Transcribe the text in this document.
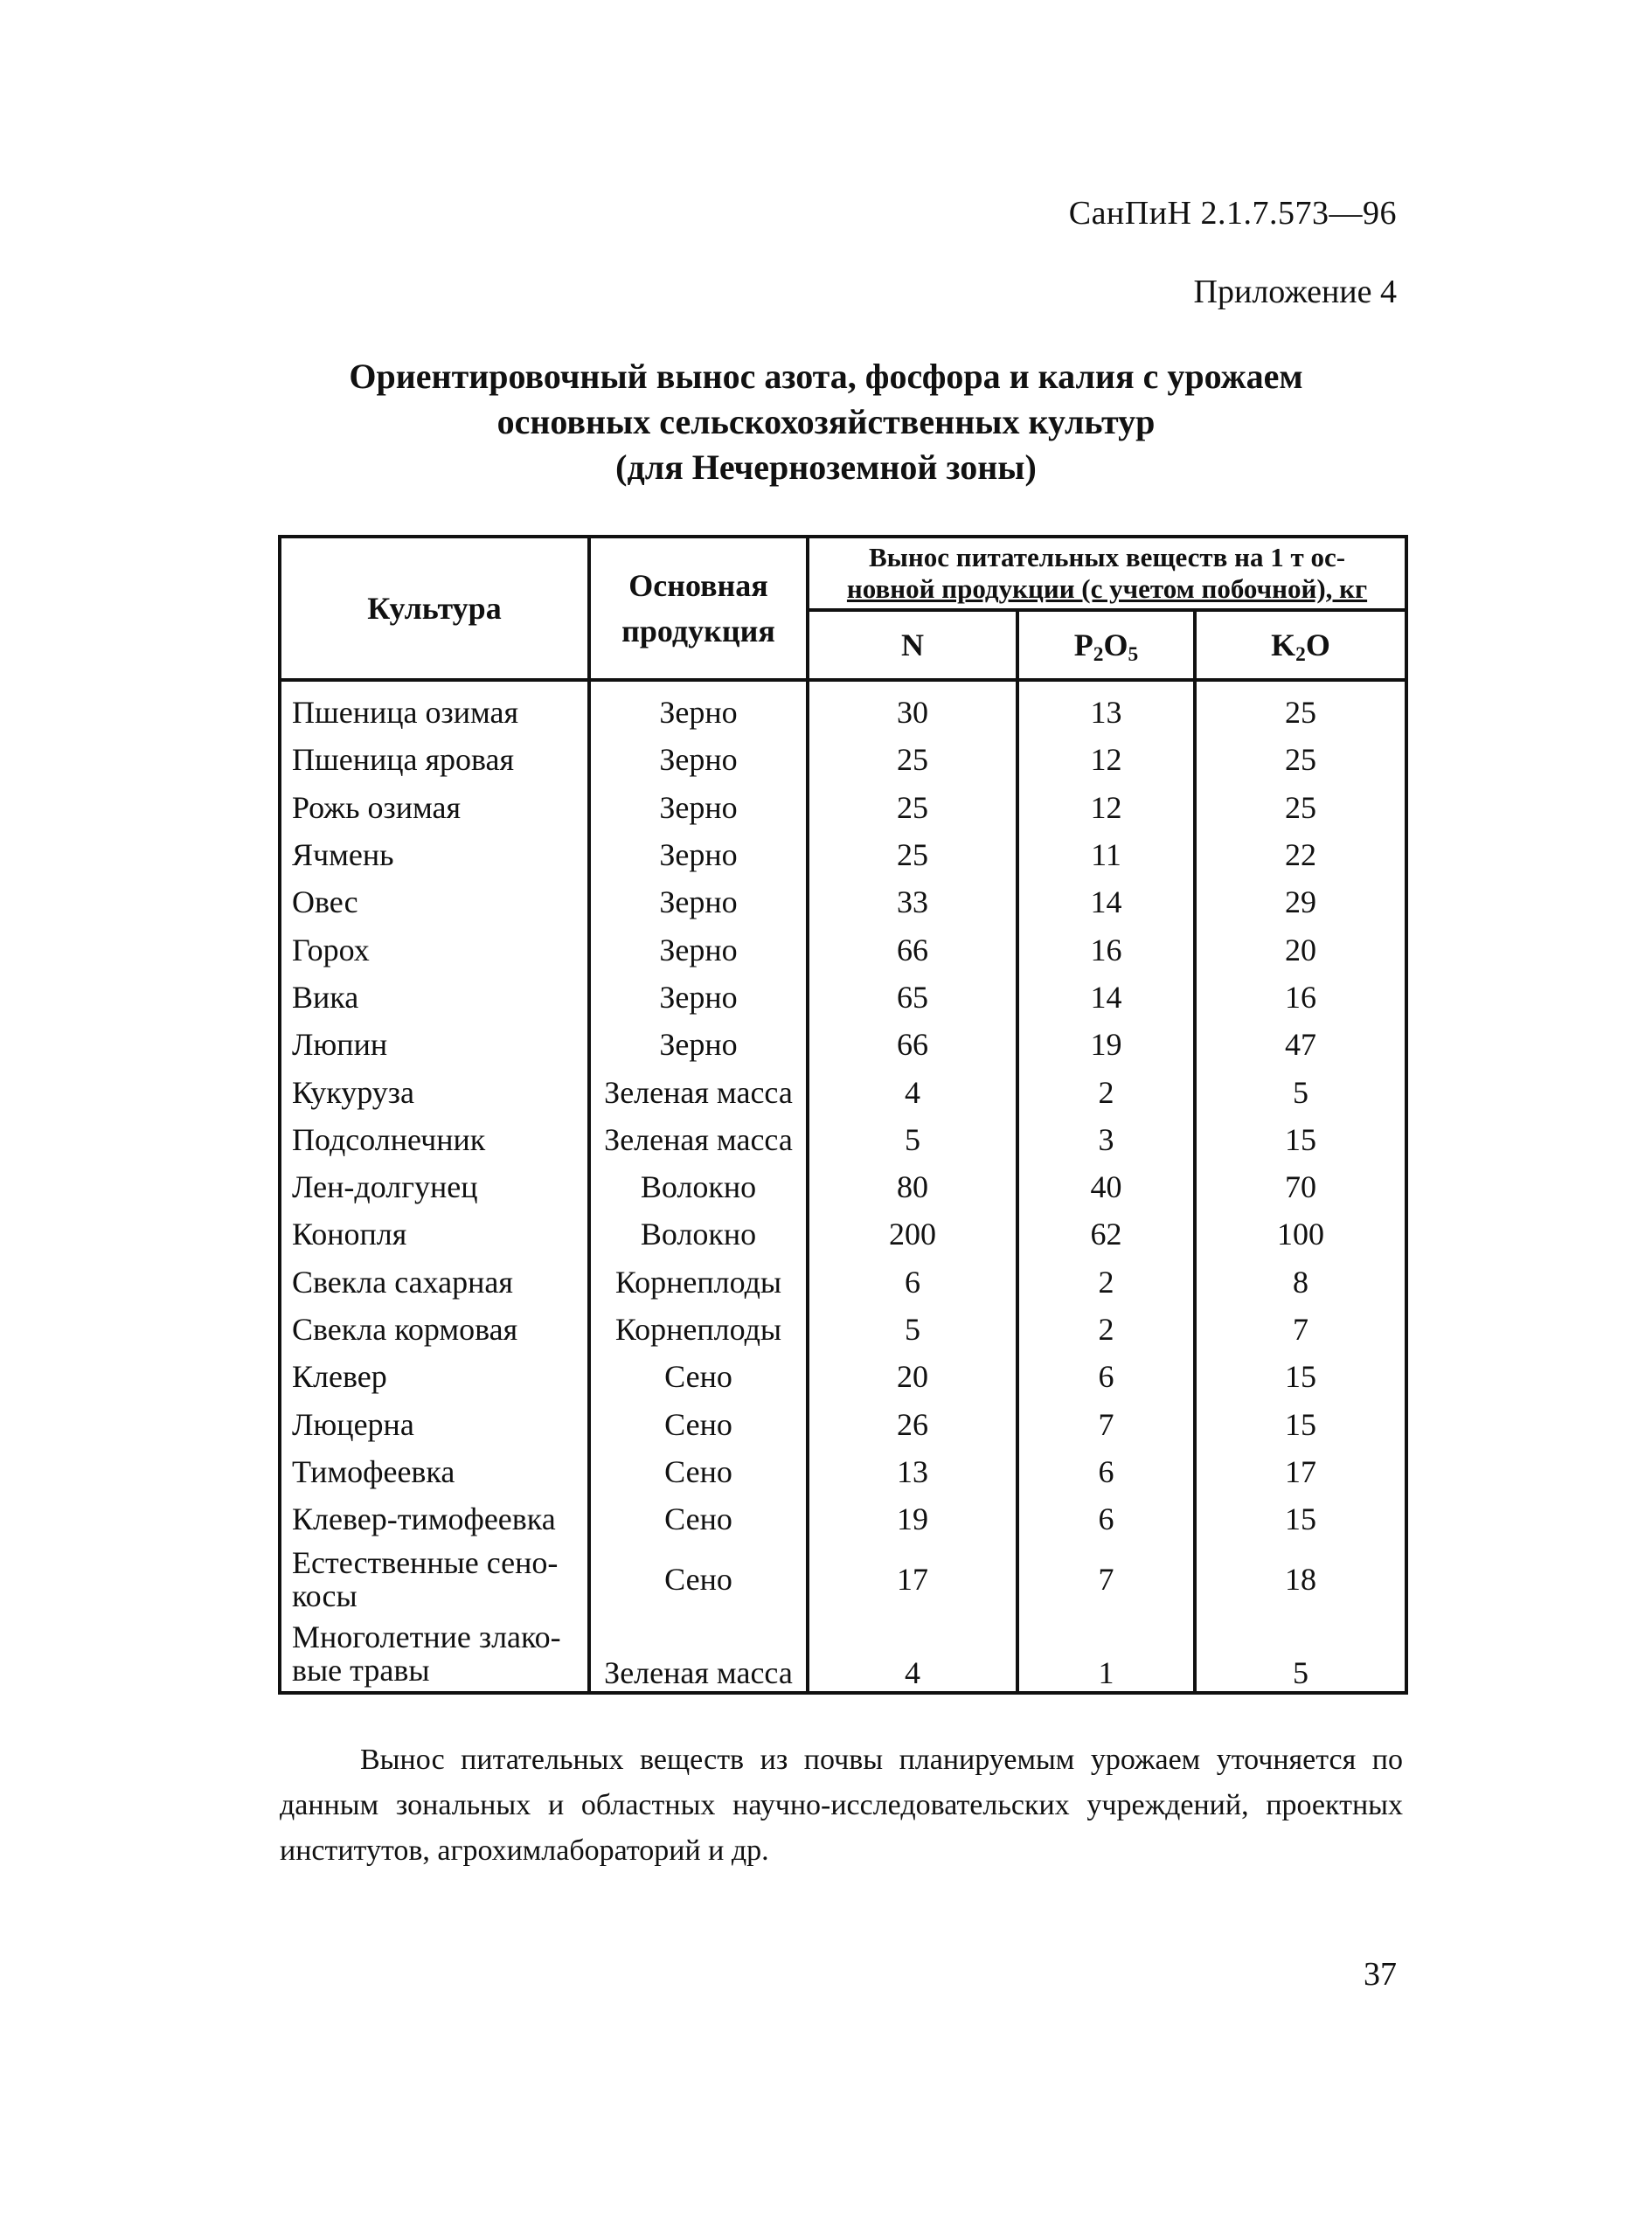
СанПиН 2.1.7.573—96
Приложение 4
Ориентировочный вынос азота, фосфора и калия с урожаем
основных сельскохозяйственных культур
(для Нечерноземной зоны)
Культура	Основная продукция	Вынос питательных веществ на 1 т ос-
новной продукции (с учетом побочной), кг		

		N	$P_2O_5$	$K_2O$
Пшеница озимая	Зерно	30	13	25
Пшеница яровая	Зерно	25	12	25
Рожь озимая	Зерно	25	12	25
Ячмень	Зерно	25	11	22
Овес	Зерно	33	14	29
Горох	Зерно	66	16	20
Вика	Зерно	65	14	16
Люпин	Зерно	66	19	47
Кукуруза	Зеленая масса	4	2	5
Подсолнечник	Зеленая масса	5	3	15
Лен-долгунец	Волокно	80	40	70
Конопля	Волокно	200	62	100
Свекла сахарная	Корнеплоды	6	2	8
Свекла кормовая	Корнеплоды	5	2	7
Клевер	Сено	20	6	15
Люцерна	Сено	26	7	15
Тимофеевка	Сено	13	6	17
Клевер-тимофеевка	Сено	19	6	15

Естественные сено-
косы	Сено	17	7	18

Многолетние злако-
вые травы	Зеленая масса	4	1	5
Вынос питательных веществ из почвы планируемым урожаем уточняется по данным зональных и областных научно-исследовательских учреждений, проектных институтов, агрохимлабораторий и др.
37
